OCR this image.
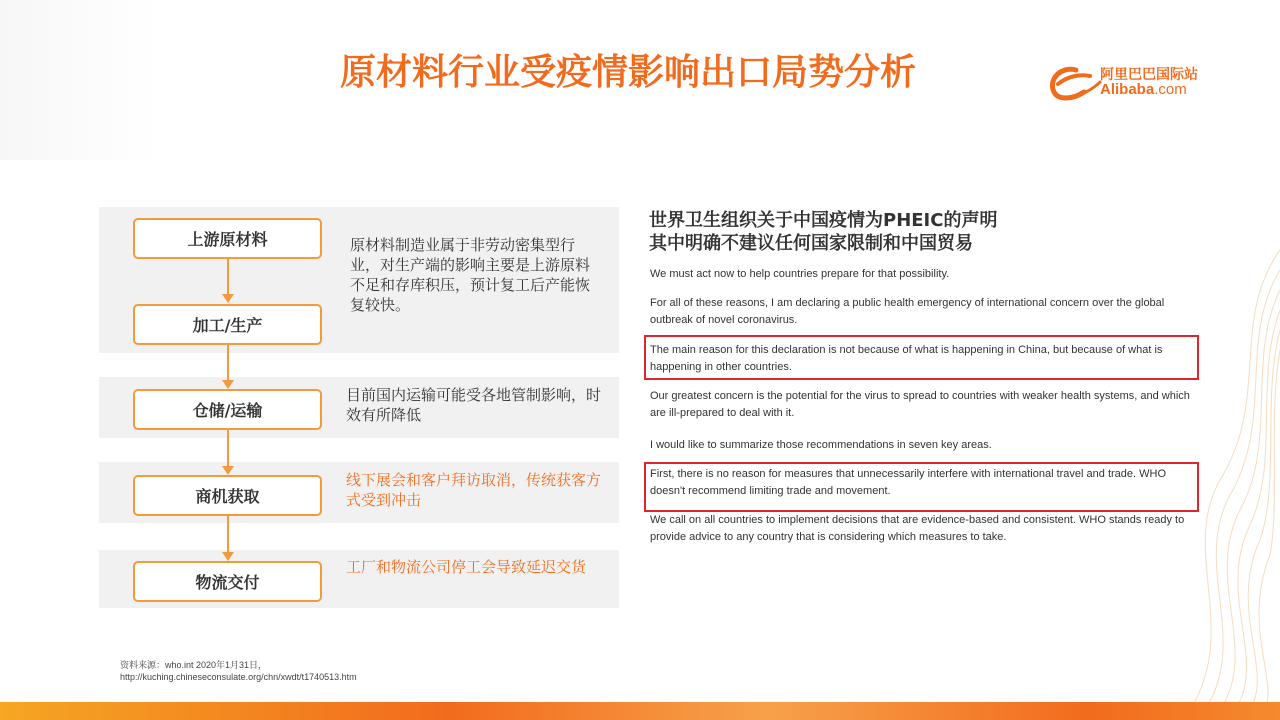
原材料行业受疫情影响出口局势分析	阿里巴巴国际站
Alibaba.com
上游原材料
加工/生产
仓储/运输
商机获取
物流交付

原材料制造业属于非劳动密集型行业，对生产端的影响主要是上游原料不足和存库积压，预计复工后产能恢复较快。

目前国内运输可能受各地管制影响，时效有所降低

线下展会和客户拜访取消，传统获客方式受到冲击

工厂和物流公司停工会导致延迟交货

世界卫生组织关于中国疫情为PHEIC的声明
其中明确不建议任何国家限制和中国贸易

We must act now to help countries prepare for that possibility.

For all of these reasons, I am declaring a public health emergency of international concern over the global outbreak of novel coronavirus.

The main reason for this declaration is not because of what is happening in China, but because of what is happening in other countries.

Our greatest concern is the potential for the virus to spread to countries with weaker health systems, and which are ill-prepared to deal with it.

I would like to summarize those recommendations in seven key areas.

First, there is no reason for measures that unnecessarily interfere with international travel and trade. WHO doesn't recommend limiting trade and movement.

We call on all countries to implement decisions that are evidence-based and consistent. WHO stands ready to provide advice to any country that is considering which measures to take.

资料来源：who.int 2020年1月31日，
http://kuching.chineseconsulate.org/chn/xwdt/t1740513.htm
